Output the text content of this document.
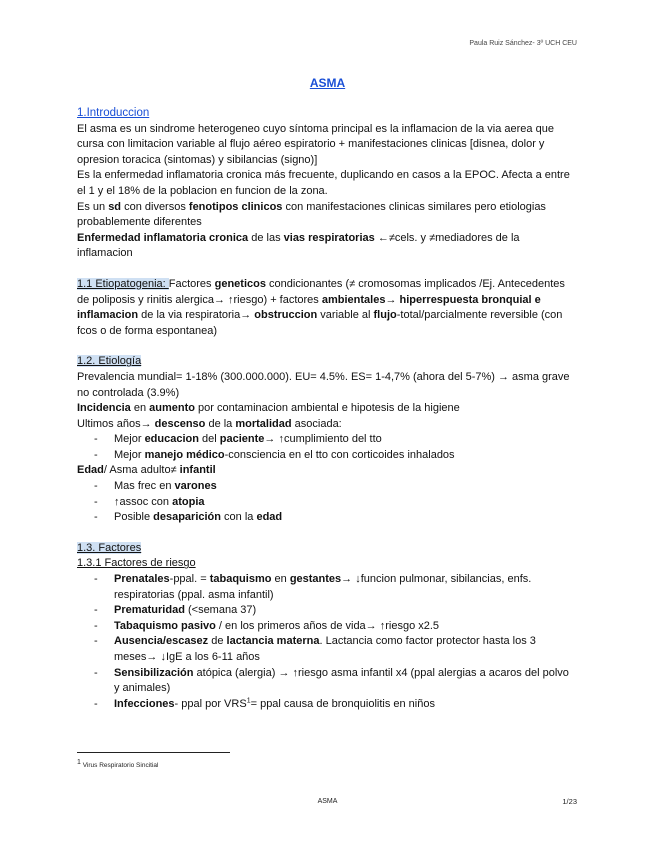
Paula Ruiz Sánchez- 3º UCH CEU
ASMA

1.Introduccion

El asma es un sindrome heterogeneo cuyo síntoma principal es la inflamacion de la via aerea que cursa con limitacion variable al flujo aéreo espiratorio + manifestaciones clinicas [disnea, dolor y opresion toracica (sintomas) y sibilancias (signo)]

Es la enfermedad inflamatoria cronica más frecuente, duplicando en casos a la EPOC. Afecta a entre el 1 y el 18% de la poblacion en funcion de la zona.

Es un sd con diversos fenotipos clinicos con manifestaciones clinicas similares pero etiologias probablemente diferentes

Enfermedad inflamatoria cronica de las vias respiratorias ←≠cels. y ≠mediadores de la inflamacion

1.1 Etiopatogenia: Factores geneticos condicionantes (≠ cromosomas implicados /Ej. Antecedentes de poliposis y rinitis alergica→ ↑riesgo) + factores ambientales→ hiperrespuesta bronquial e inflamacion de la via respiratoria→ obstruccion variable al flujo-total/parcialmente reversible (con fcos o de forma espontanea)

1.2. Etiología

Prevalencia mundial= 1-18% (300.000.000). EU= 4.5%. ES= 1-4,7% (ahora del 5-7%) → asma grave no controlada (3.9%)

Incidencia en aumento por contaminacion ambiental e hipotesis de la higiene

Ultimos años→ descenso de la mortalidad asociada:

- Mejor educacion del paciente→ ↑cumplimiento del tto
- Mejor manejo médico-consciencia en el tto con corticoides inhalados

Edad/ Asma adulto≠ infantil

- Mas frec en varones
- ↑assoc con atopia
- Posible desaparición con la edad

1.3. Factores

1.3.1 Factores de riesgo

- Prenatales-ppal. = tabaquismo en gestantes→ ↓funcion pulmonar, sibilancias, enfs. respiratorias (ppal. asma infantil)
- Prematuridad (<semana 37)
- Tabaquismo pasivo / en los primeros años de vida→ ↑riesgo x2.5
- Ausencia/escasez de lactancia materna. Lactancia como factor protector hasta los 3 meses→ ↓IgE a los 6-11 años
- Sensibilización atópica (alergia) → ↑riesgo asma infantil x4 (ppal alergias a acaros del polvo y animales)
- Infecciones- ppal por $VRS^1=$ ppal causa de bronquiolitis en niños
$^1$ Virus Respiratorio Sincitial
ASMA	1/23
